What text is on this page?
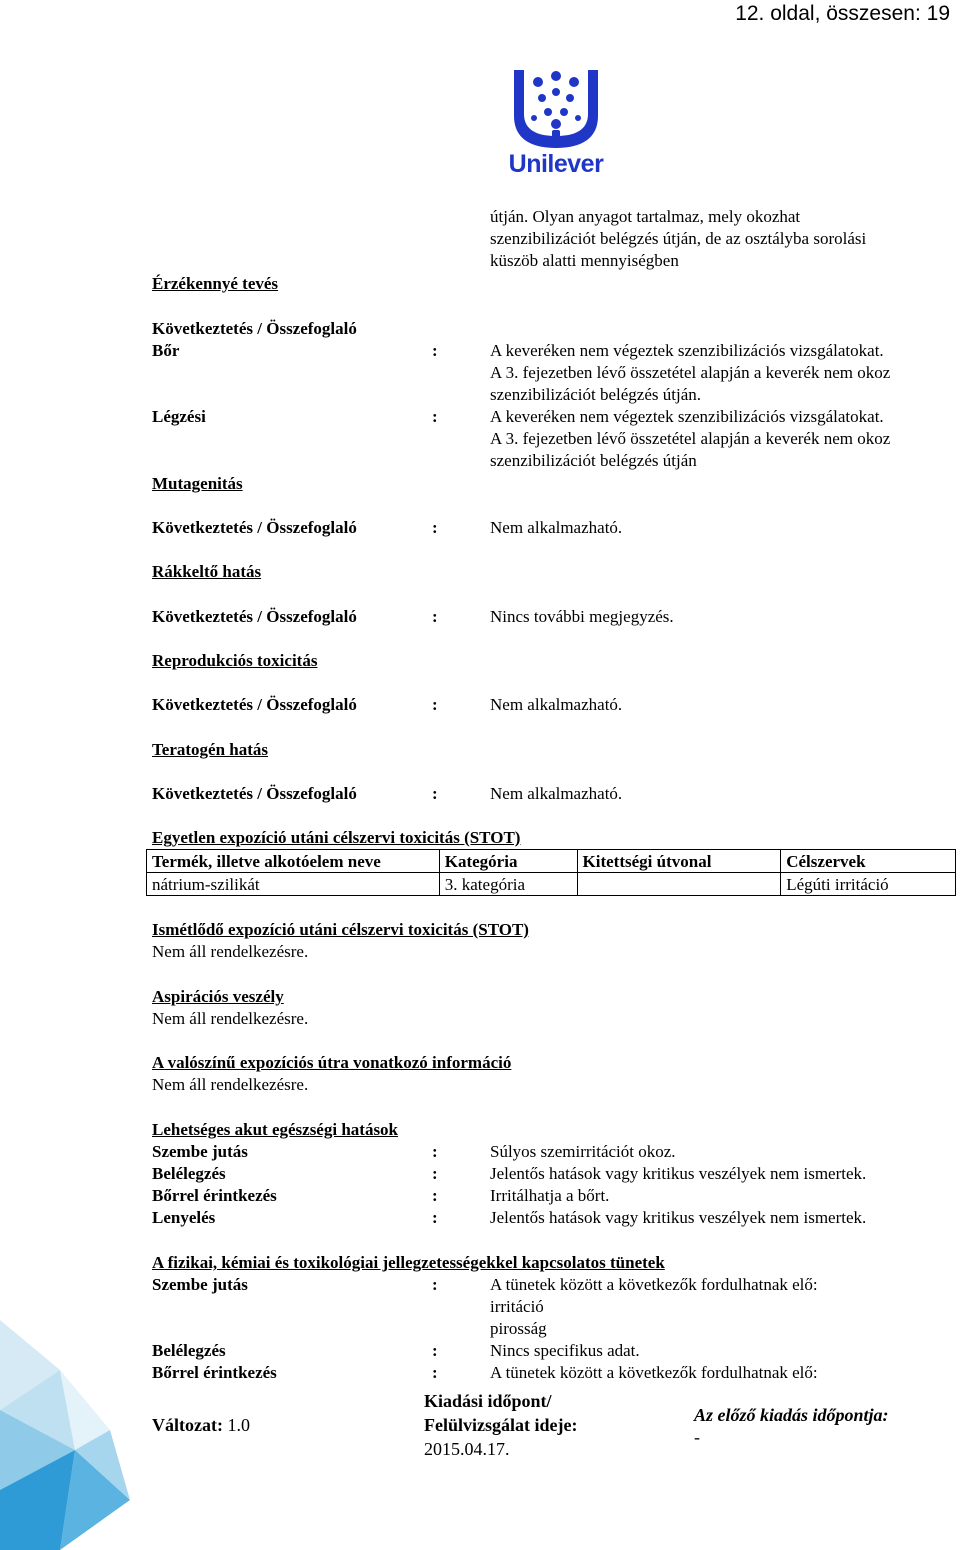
12. oldal, összesen: 19
Unilever
útján. Olyan anyagot tartalmaz, mely okozhat
szenzibilizációt belégzés útján, de az osztályba sorolási
küszöb alatti mennyiségben
Érzékennyé tevés
Következtetés / Összefoglaló
Bőr	:	A keveréken nem végeztek szenzibilizációs vizsgálatokat.
A 3. fejezetben lévő összetétel alapján a keverék nem okoz
szenzibilizációt belégzés útján.
Légzési	:	A keveréken nem végeztek szenzibilizációs vizsgálatokat.
A 3. fejezetben lévő összetétel alapján a keverék nem okoz
szenzibilizációt belégzés útján
Mutagenitás
Következtetés / Összefoglaló	:	Nem alkalmazható.
Rákkeltő hatás
Következtetés / Összefoglaló	:	Nincs további megjegyzés.
Reprodukciós toxicitás
Következtetés / Összefoglaló	:	Nem alkalmazható.
Teratogén hatás
Következtetés / Összefoglaló	:	Nem alkalmazható.
Egyetlen expozíció utáni célszervi toxicitás (STOT)
Termék, illetve alkotóelem neve	Kategória	Kitettségi útvonal	Célszervek
nátrium-szilikát	3. kategória		Légúti irritáció
Ismétlődő expozíció utáni célszervi toxicitás (STOT)
Nem áll rendelkezésre.
Aspirációs veszély
Nem áll rendelkezésre.
A valószínű expozíciós útra vonatkozó információ
Nem áll rendelkezésre.
Lehetséges akut egészségi hatások
Szembe jutás	:	Súlyos szemirritációt okoz.
Belélegzés	:	Jelentős hatások vagy kritikus veszélyek nem ismertek.
Bőrrel érintkezés	:	Irritálhatja a bőrt.
Lenyelés	:	Jelentős hatások vagy kritikus veszélyek nem ismertek.
A fizikai, kémiai és toxikológiai jellegzetességekkel kapcsolatos tünetek
Szembe jutás	:	A tünetek között a következők fordulhatnak elő:
irritáció
pirosság
Belélegzés	:	Nincs specifikus adat.
Bőrrel érintkezés	:	A tünetek között a következők fordulhatnak elő:
Változat: 1.0
Kiadási időpont/
Felülvizsgálat ideje:
2015.04.17.
Az előző kiadás időpontja:
-
